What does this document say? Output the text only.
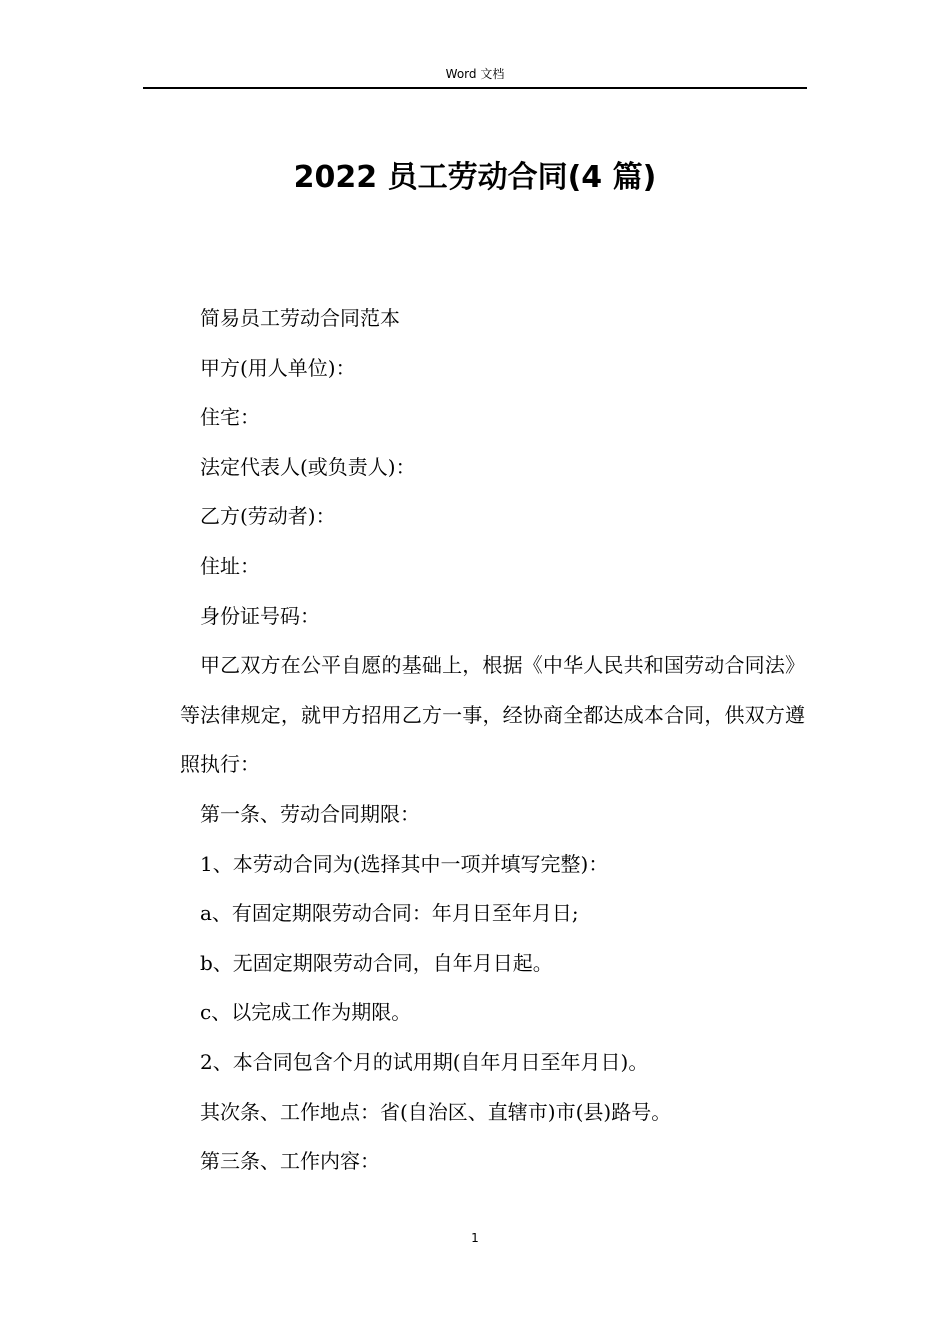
Word 文档
2022 员工劳动合同(4 篇)

简易员工劳动合同范本

甲方(用人单位)：

住宅：

法定代表人(或负责人)：

乙方(劳动者)：

住址：

身份证号码：

甲乙双方在公平自愿的基础上，根据《中华人民共和国劳动合同法》等法律规定，就甲方招用乙方一事，经协商全都达成本合同，供双方遵照执行：

第一条、劳动合同期限：

1、本劳动合同为(选择其中一项并填写完整)：

a、有固定期限劳动合同：年月日至年月日;

b、无固定期限劳动合同，自年月日起。

c、以完成工作为期限。

2、本合同包含个月的试用期(自年月日至年月日)。

其次条、工作地点：省(自治区、直辖市)市(县)路号。

第三条、工作内容：

1
